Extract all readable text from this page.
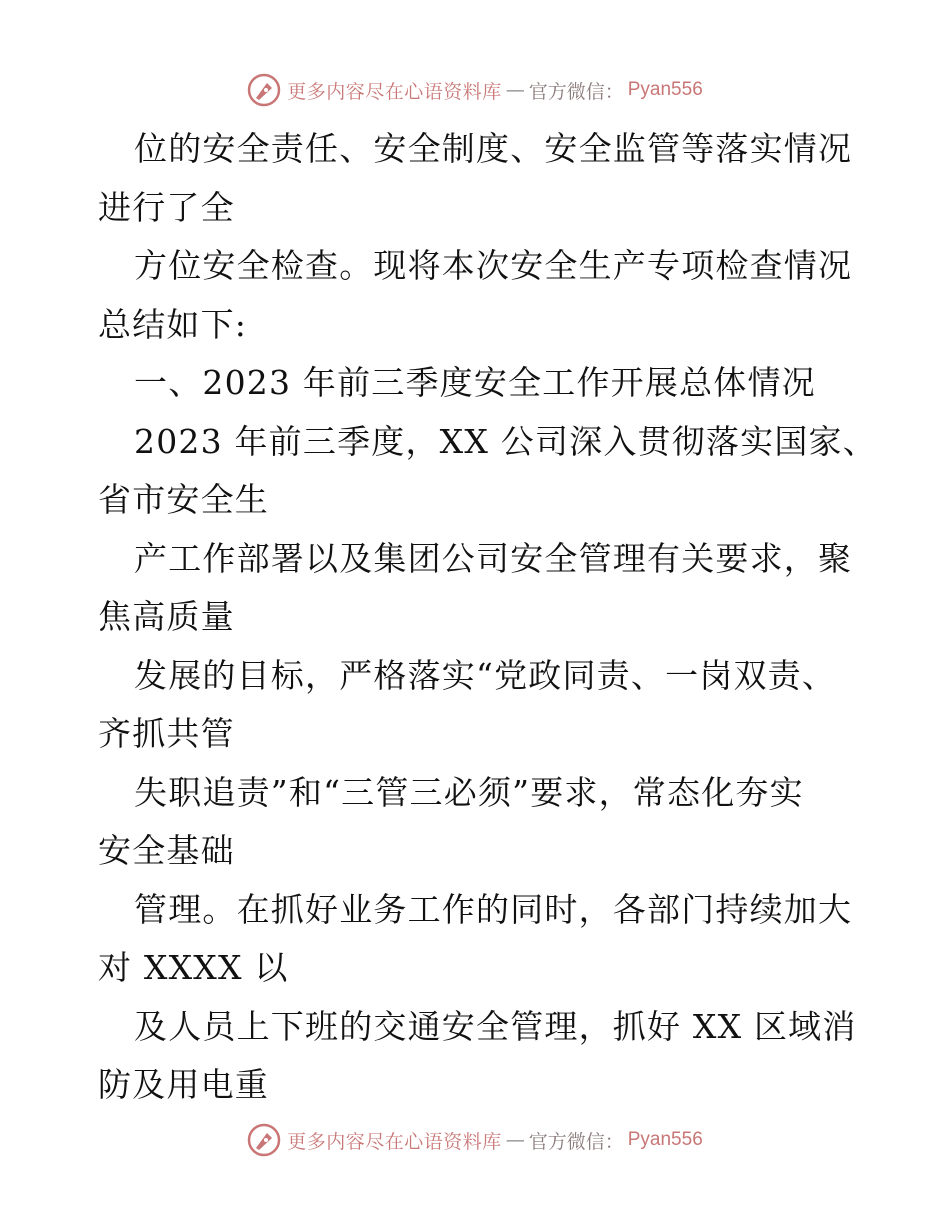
更多内容尽在心语资料库 — 官方微信： Pyan556
位的安全责任、安全制度、安全监管等落实情况
进行了全
方位安全检查。现将本次安全生产专项检查情况
总结如下:
一、2023 年前三季度安全工作开展总体情况
2023 年前三季度，XX 公司深入贯彻落实国家、
省市安全生
产工作部署以及集团公司安全管理有关要求，聚
焦高质量
发展的目标，严格落实“党政同责、一岗双责、
齐抓共管
失职追责”和“三管三必须”要求，常态化夯实
安全基础
管理。在抓好业务工作的同时，各部门持续加大
对 XXXX 以
及人员上下班的交通安全管理，抓好 XX 区域消
防及用电重
更多内容尽在心语资料库 — 官方微信： Pyan556
